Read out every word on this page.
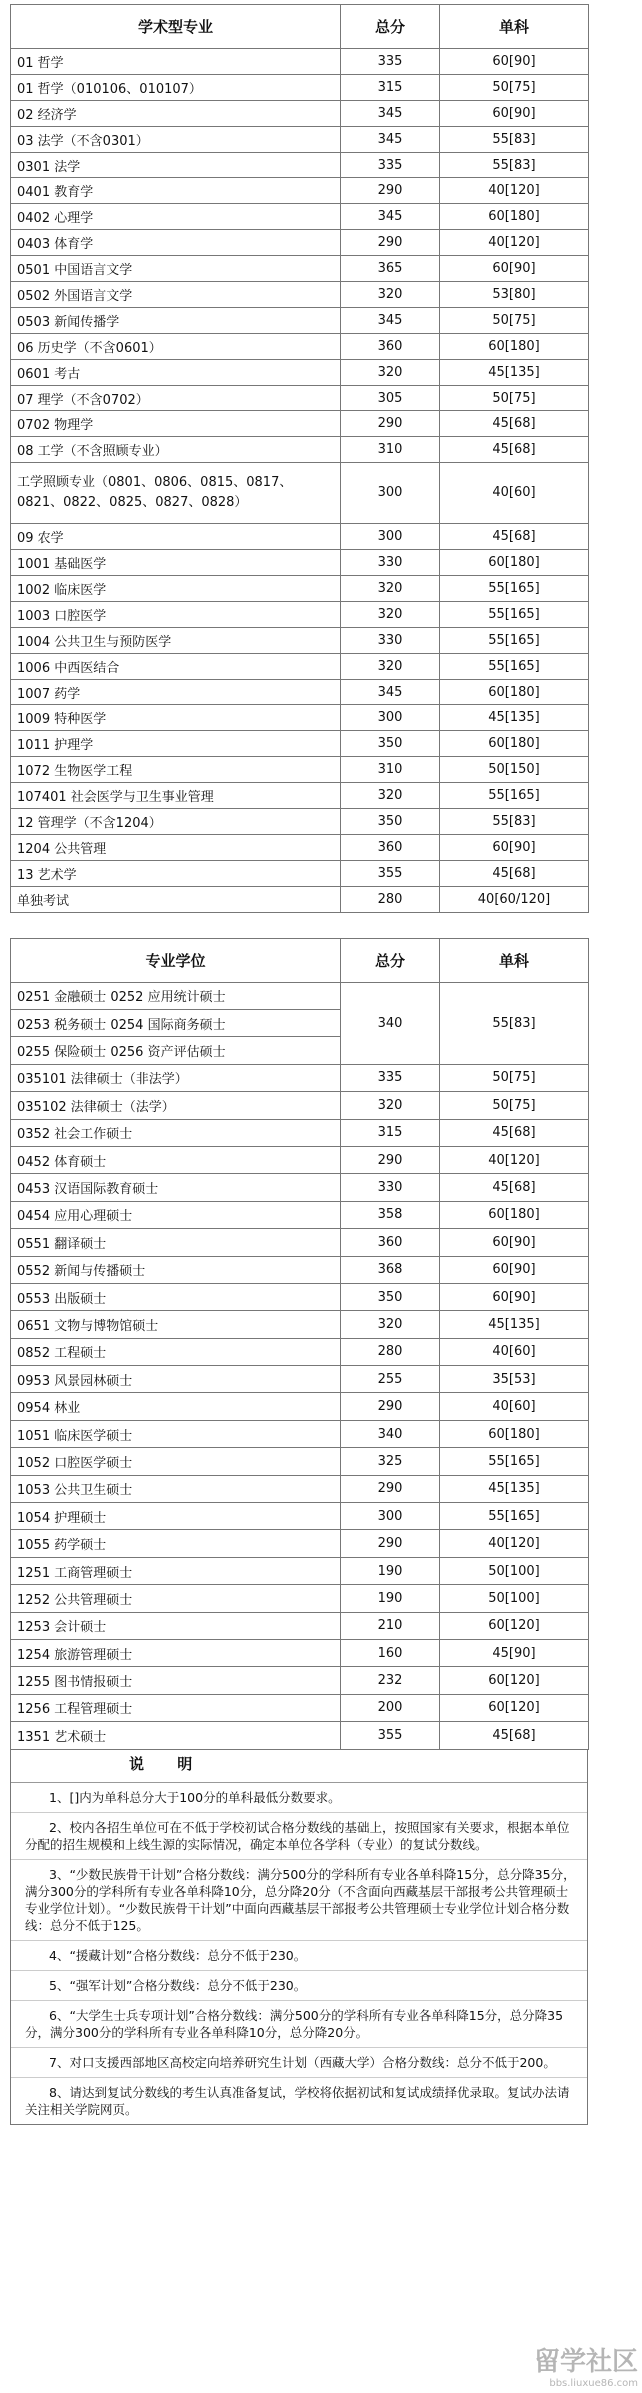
学术型专业	总分	单科
01 哲学	335	60[90]
01 哲学（010106、010107）	315	50[75]
02 经济学	345	60[90]
03 法学（不含0301）	345	55[83]
0301 法学	335	55[83]
0401 教育学	290	40[120]
0402 心理学	345	60[180]
0403 体育学	290	40[120]
0501 中国语言文学	365	60[90]
0502 外国语言文学	320	53[80]
0503 新闻传播学	345	50[75]
06 历史学（不含0601）	360	60[180]
0601 考古	320	45[135]
07 理学（不含0702）	305	50[75]
0702 物理学	290	45[68]
08 工学（不含照顾专业）	310	45[68]
工学照顾专业（0801、0806、0815、0817、0821、0822、0825、0827、0828）	300	40[60]
09 农学	300	45[68]
1001 基础医学	330	60[180]
1002 临床医学	320	55[165]
1003 口腔医学	320	55[165]
1004 公共卫生与预防医学	330	55[165]
1006 中西医结合	320	55[165]
1007 药学	345	60[180]
1009 特种医学	300	45[135]
1011 护理学	350	60[180]
1072 生物医学工程	310	50[150]
107401 社会医学与卫生事业管理	320	55[165]
12 管理学（不含1204）	350	55[83]
1204 公共管理	360	60[90]
13 艺术学	355	45[68]
单独考试	280	40[60/120]
专业学位	总分	单科
0251 金融硕士 0252 应用统计硕士	340	55[83]
0253 税务硕士 0254 国际商务硕士		
0255 保险硕士 0256 资产评估硕士		
035101 法律硕士（非法学）	335	50[75]
035102 法律硕士（法学）	320	50[75]
0352 社会工作硕士	315	45[68]
0452 体育硕士	290	40[120]
0453 汉语国际教育硕士	330	45[68]
0454 应用心理硕士	358	60[180]
0551 翻译硕士	360	60[90]
0552 新闻与传播硕士	368	60[90]
0553 出版硕士	350	60[90]
0651 文物与博物馆硕士	320	45[135]
0852 工程硕士	280	40[60]
0953 风景园林硕士	255	35[53]
0954 林业	290	40[60]
1051 临床医学硕士	340	60[180]
1052 口腔医学硕士	325	55[165]
1053 公共卫生硕士	290	45[135]
1054 护理硕士	300	55[165]
1055 药学硕士	290	40[120]
1251 工商管理硕士	190	50[100]
1252 公共管理硕士	190	50[100]
1253 会计硕士	210	60[120]
1254 旅游管理硕士	160	45[90]
1255 图书情报硕士	232	60[120]
1256 工程管理硕士	200	60[120]
1351 艺术硕士	355	45[68]
说 明
1、[]内为单科总分大于100分的单科最低分数要求。
2、校内各招生单位可在不低于学校初试合格分数线的基础上，按照国家有关要求，根据本单位分配的招生规模和上线生源的实际情况，确定本单位各学科（专业）的复试分数线。
3、“少数民族骨干计划”合格分数线：满分500分的学科所有专业各单科降15分，总分降35分，满分300分的学科所有专业各单科降10分，总分降20分（不含面向西藏基层干部报考公共管理硕士专业学位计划）。“少数民族骨干计划”中面向西藏基层干部报考公共管理硕士专业学位计划合格分数线：总分不低于125。
4、“援藏计划”合格分数线：总分不低于230。
5、“强军计划”合格分数线：总分不低于230。
6、“大学生士兵专项计划”合格分数线：满分500分的学科所有专业各单科降15分，总分降35分，满分300分的学科所有专业各单科降10分，总分降20分。
7、对口支援西部地区高校定向培养研究生计划（西藏大学）合格分数线：总分不低于200。
8、请达到复试分数线的考生认真准备复试，学校将依据初试和复试成绩择优录取。复试办法请关注相关学院网页。
留学社区
bbs.liuxue86.com
